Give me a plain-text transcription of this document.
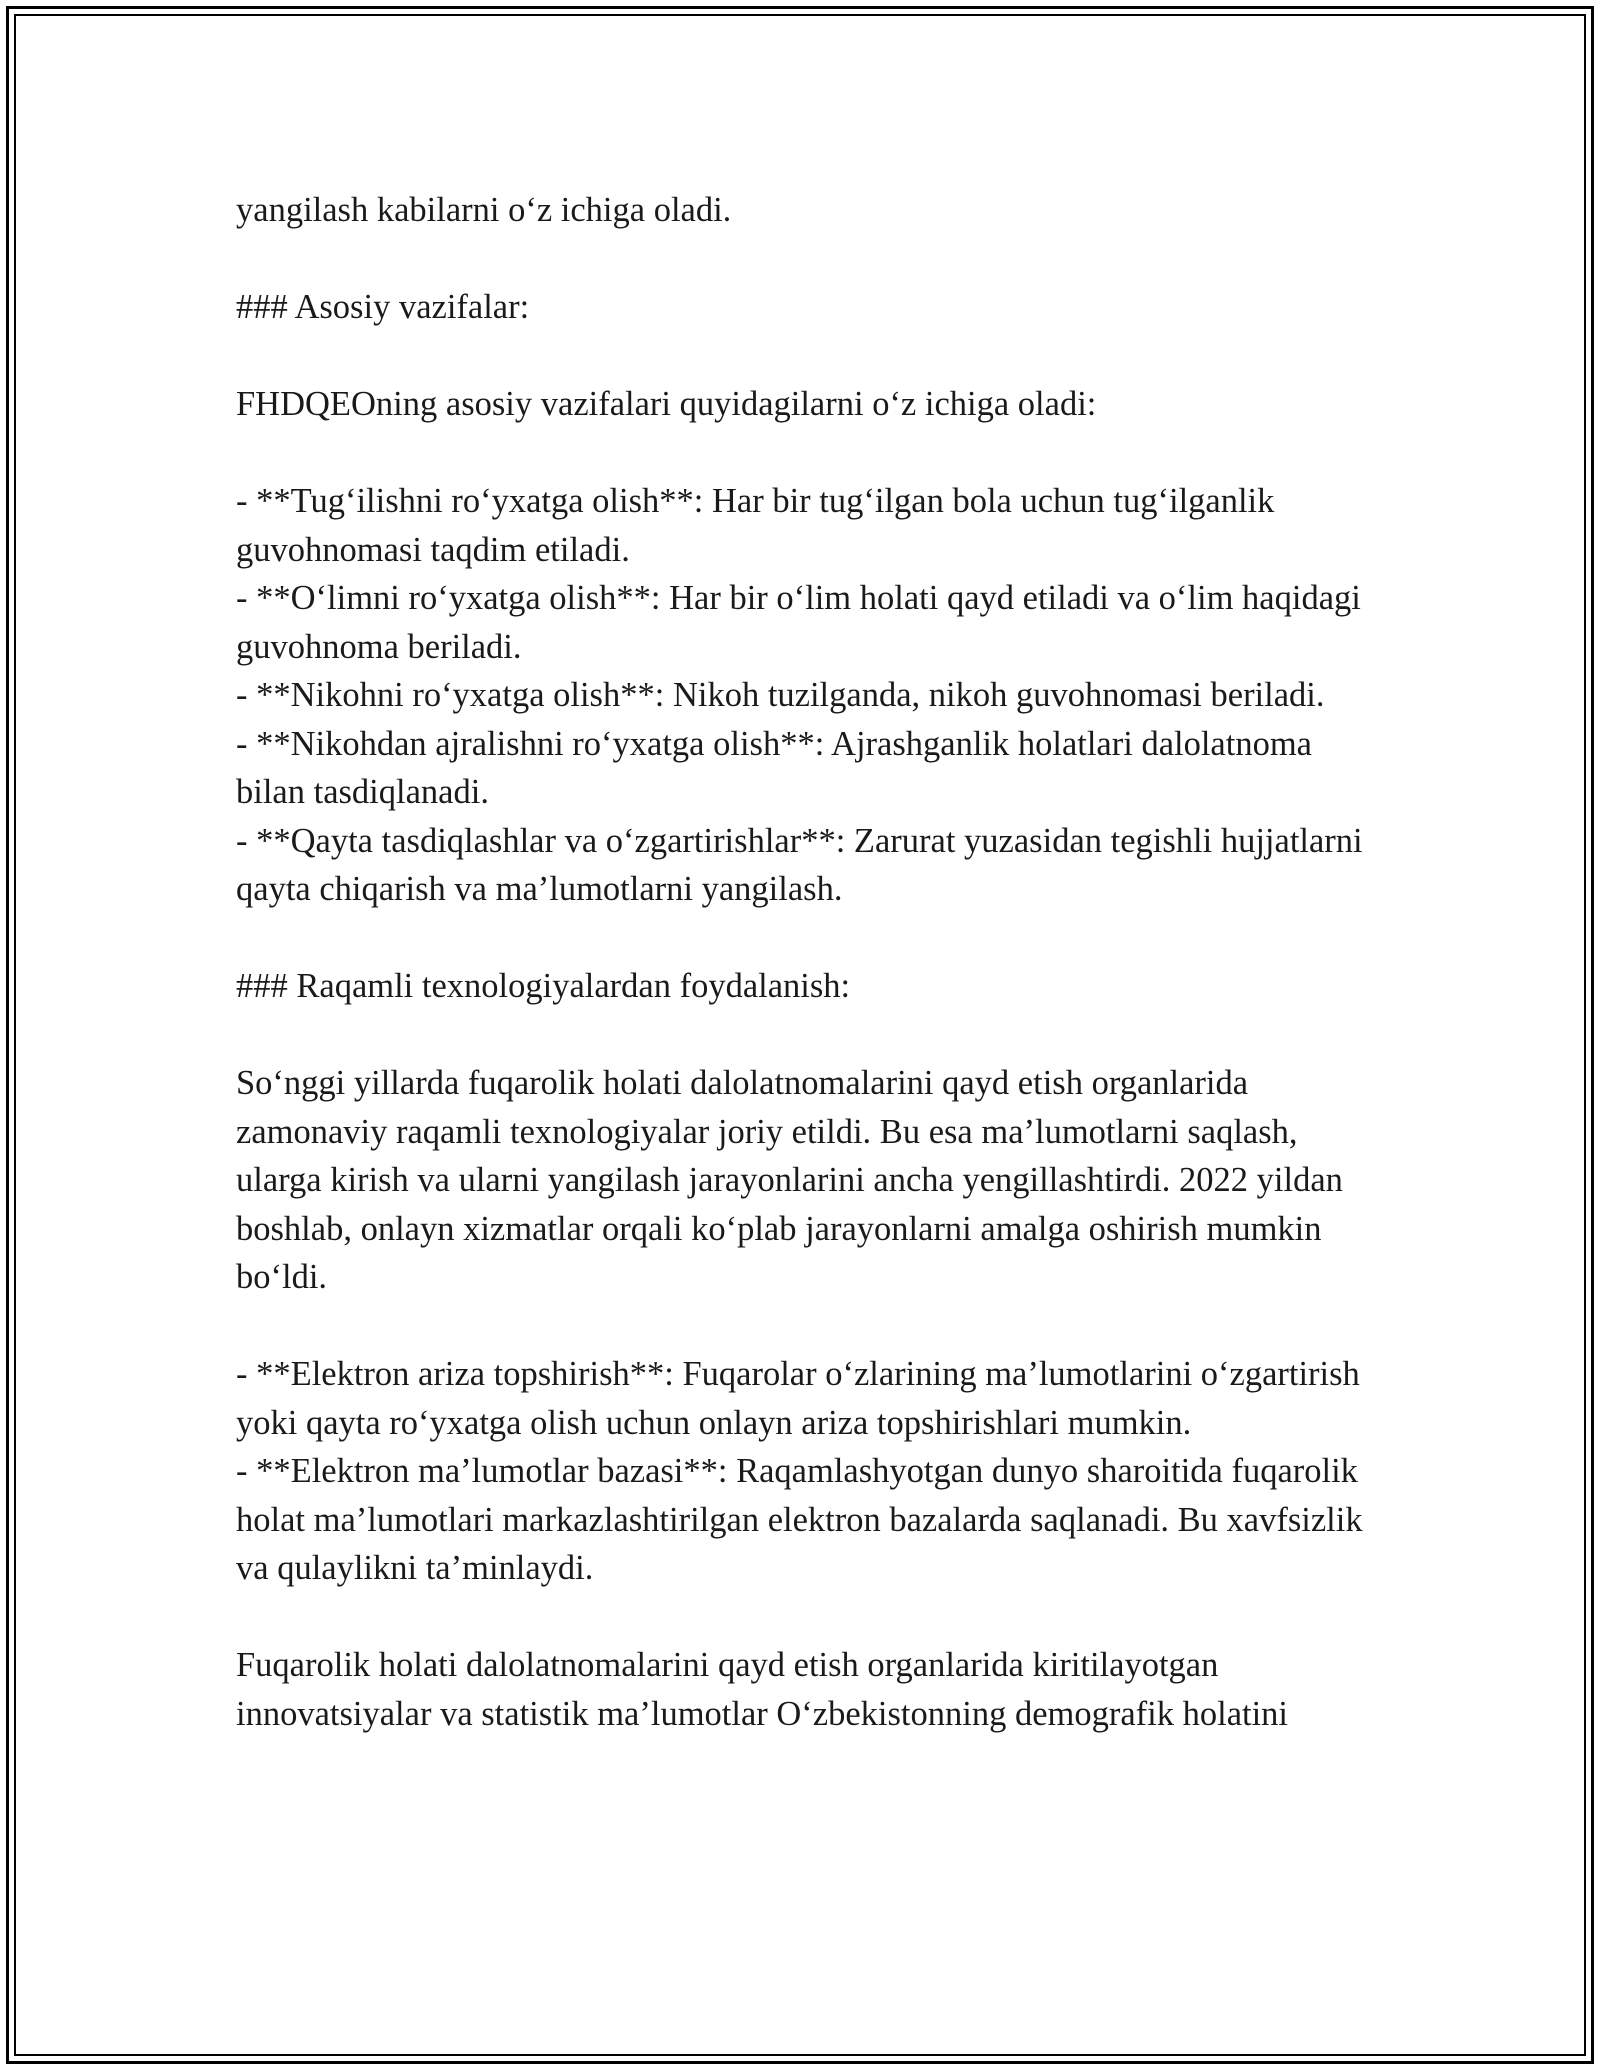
yangilash kabilarni o‘z ichiga oladi.

### Asosiy vazifalar:

FHDQEOning asosiy vazifalari quyidagilarni o‘z ichiga oladi:

- **Tug‘ilishni ro‘yxatga olish**: Har bir tug‘ilgan bola uchun tug‘ilganlik guvohnomasi taqdim etiladi.

- **O‘limni ro‘yxatga olish**: Har bir o‘lim holati qayd etiladi va o‘lim haqidagi guvohnoma beriladi.

- **Nikohni ro‘yxatga olish**: Nikoh tuzilganda, nikoh guvohnomasi beriladi.

- **Nikohdan ajralishni ro‘yxatga olish**: Ajrashganlik holatlari dalolatnoma bilan tasdiqlanadi.

- **Qayta tasdiqlashlar va o‘zgartirishlar**: Zarurat yuzasidan tegishli hujjatlarni qayta chiqarish va ma’lumotlarni yangilash.

### Raqamli texnologiyalardan foydalanish:

So‘nggi yillarda fuqarolik holati dalolatnomalarini qayd etish organlarida zamonaviy raqamli texnologiyalar joriy etildi. Bu esa ma’lumotlarni saqlash, ularga kirish va ularni yangilash jarayonlarini ancha yengillashtirdi. 2022 yildan boshlab, onlayn xizmatlar orqali ko‘plab jarayonlarni amalga oshirish mumkin bo‘ldi.

- **Elektron ariza topshirish**: Fuqarolar o‘zlarining ma’lumotlarini o‘zgartirish yoki qayta ro‘yxatga olish uchun onlayn ariza topshirishlari mumkin.

- **Elektron ma’lumotlar bazasi**: Raqamlashyotgan dunyo sharoitida fuqarolik holat ma’lumotlari markazlashtirilgan elektron bazalarda saqlanadi. Bu xavfsizlik va qulaylikni ta’minlaydi.

Fuqarolik holati dalolatnomalarini qayd etish organlarida kiritilayotgan innovatsiyalar va statistik ma’lumotlar O‘zbekistonning demografik holatini
